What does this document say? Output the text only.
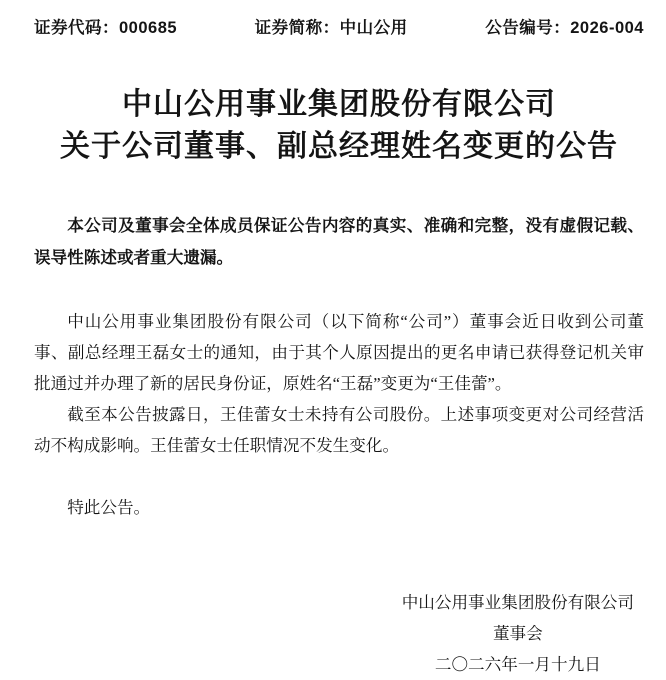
证券代码：000685	证券简称：中山公用	公告编号：2026-004
中山公用事业集团股份有限公司
关于公司董事、副总经理姓名变更的公告

本公司及董事会全体成员保证公告内容的真实、准确和完整，没有虚假记载、误导性陈述或者重大遗漏。

中山公用事业集团股份有限公司（以下简称“公司”）董事会近日收到公司董事、副总经理王磊女士的通知，由于其个人原因提出的更名申请已获得登记机关审批通过并办理了新的居民身份证，原姓名“王磊”变更为“王佳蕾”。

截至本公告披露日，王佳蕾女士未持有公司股份。上述事项变更对公司经营活动不构成影响。王佳蕾女士任职情况不发生变化。

特此公告。

中山公用事业集团股份有限公司
董事会
二〇二六年一月十九日
